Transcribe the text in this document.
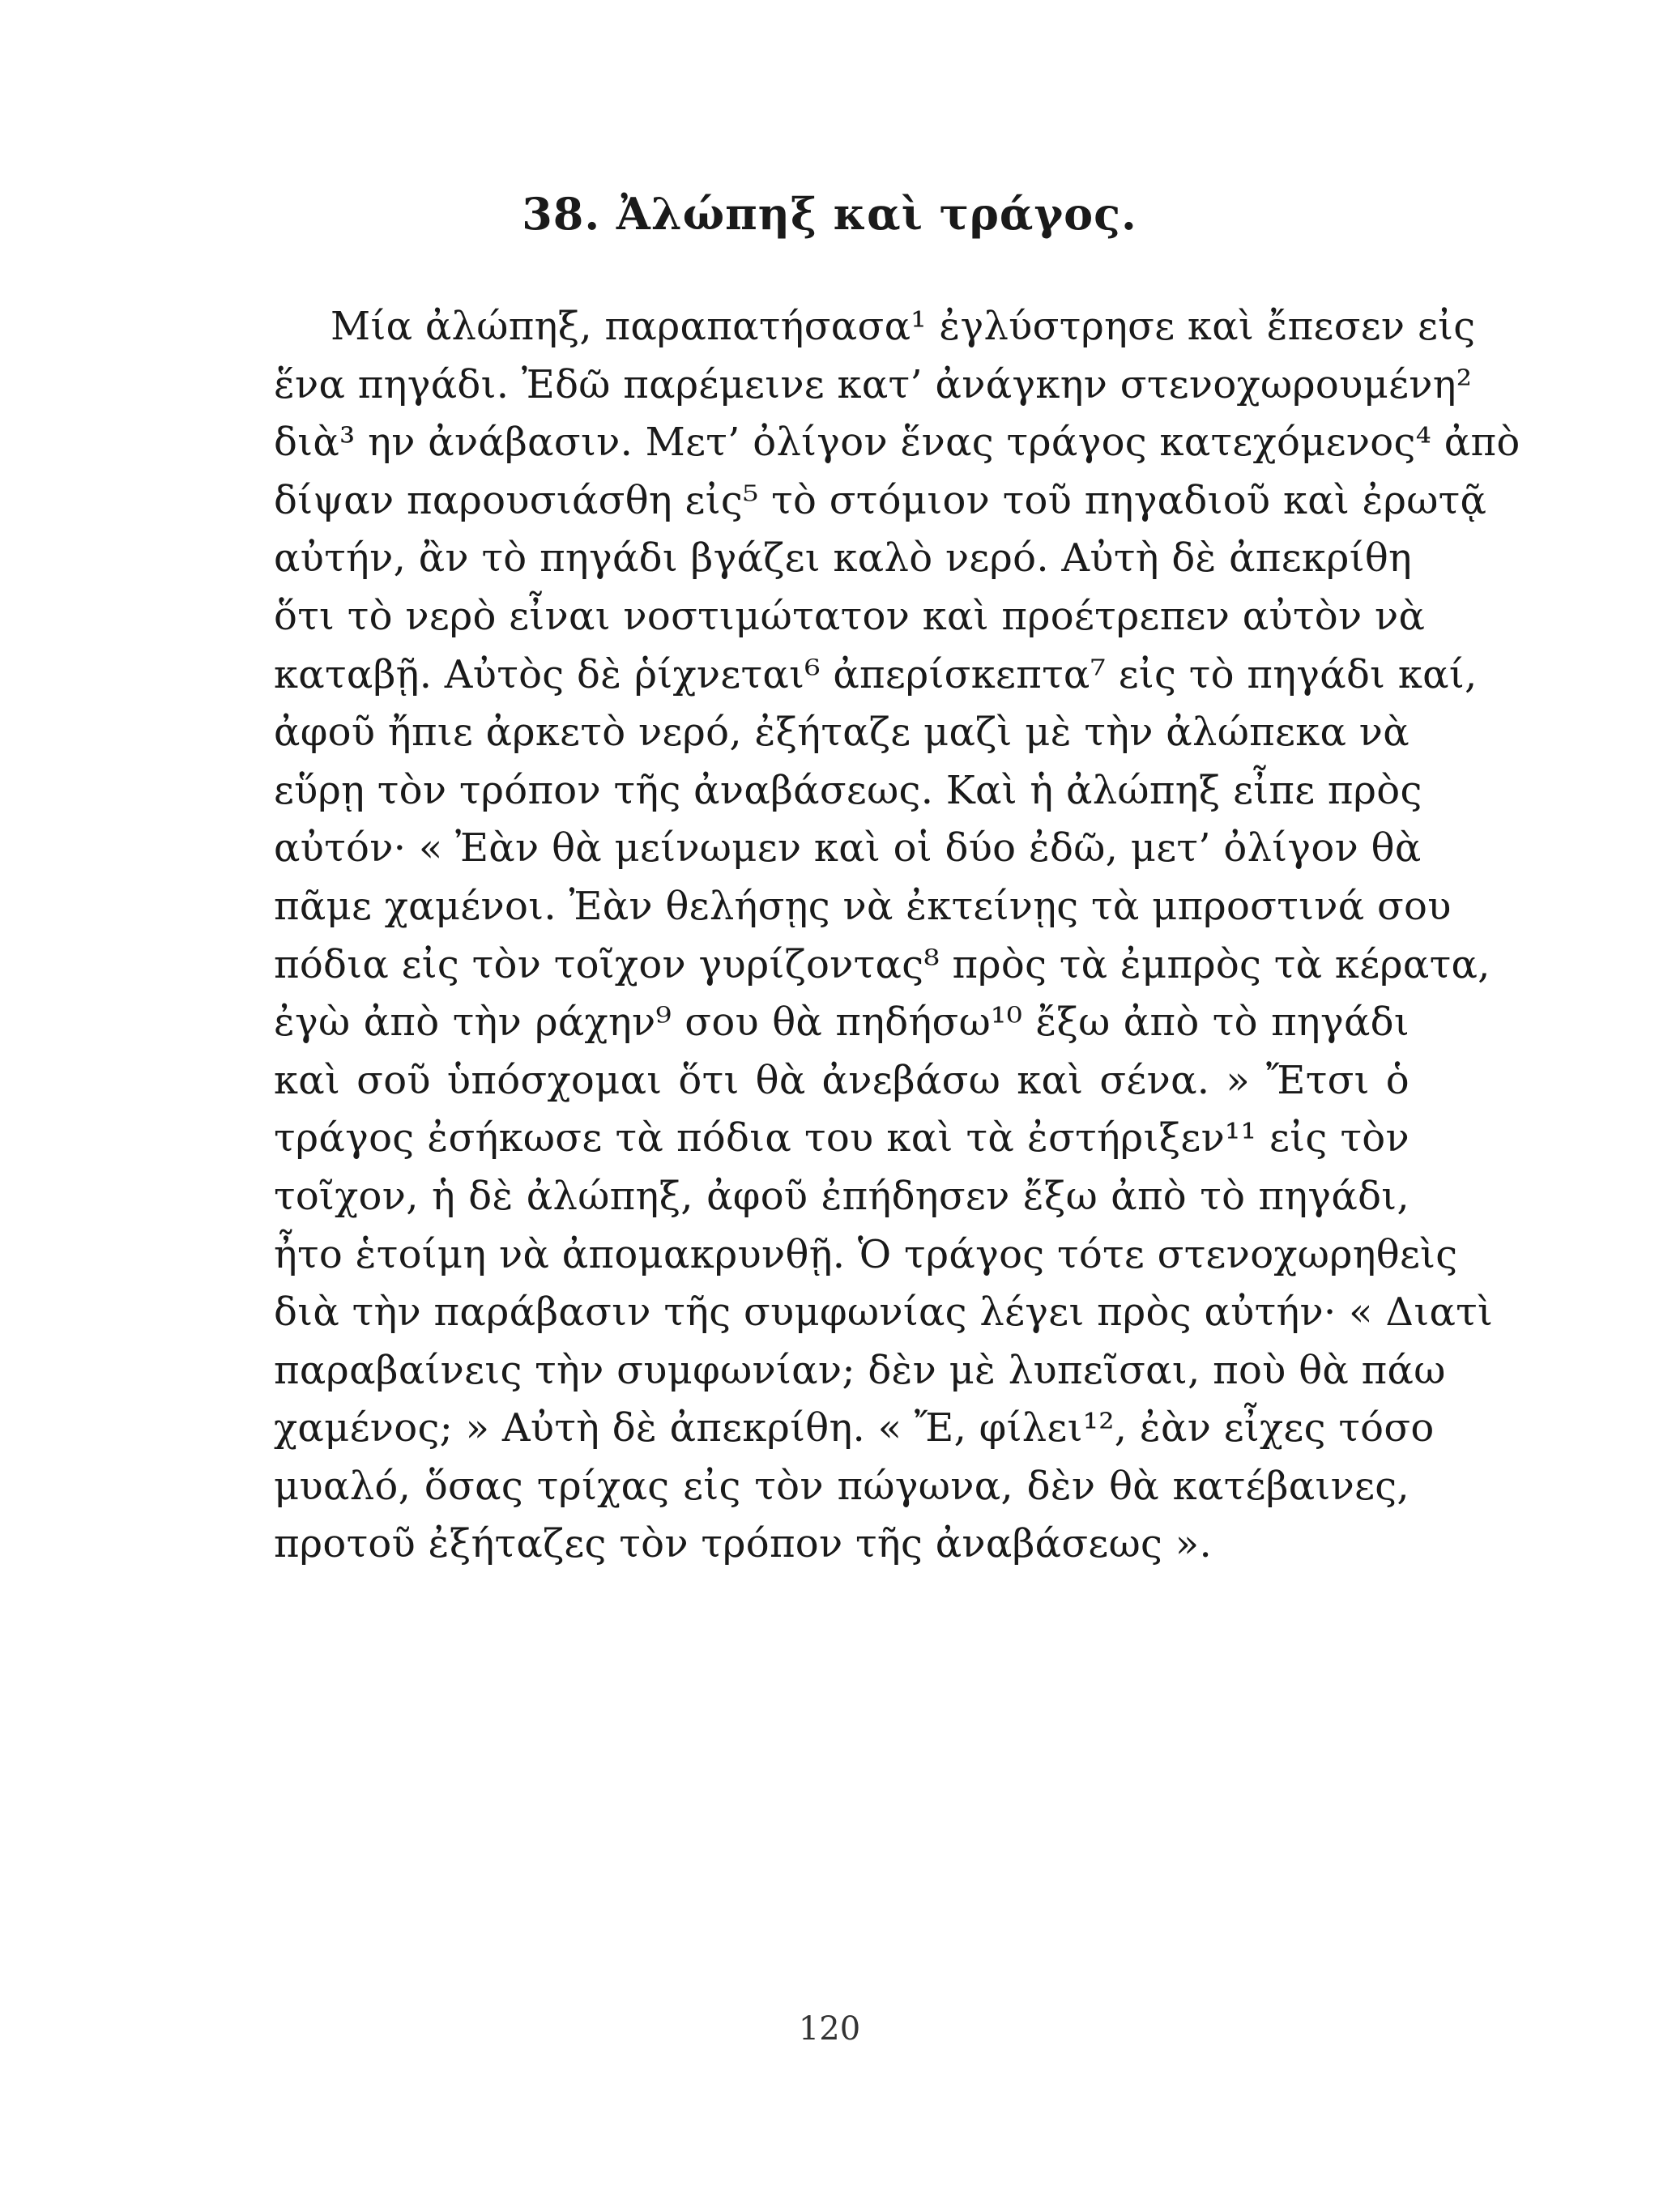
38. Ἀλώπηξ καὶ τράγος.
Μία ἀλώπηξ, παραπατήσασα¹ ἐγλύστρησε καὶ ἔπεσεν εἰς
ἕνα πηγάδι. Ἐδῶ παρέμεινε κατ’ ἀνάγκην στενοχωρουμένη²
διὰ³ ην ἀνάβασιν. Μετ’ ὀλίγον ἕνας τράγος κατεχόμενος⁴ ἀπὸ
δίψαν παρουσιάσθη εἰς⁵ τὸ στόμιον τοῦ πηγαδιοῦ καὶ ἐρωτᾷ
αὐτήν, ἂν τὸ πηγάδι βγάζει καλὸ νερό. Αὐτὴ δὲ ἀπεκρίθη
ὅτι τὸ νερὸ εἶναι νοστιμώτατον καὶ προέτρεπεν αὐτὸν νὰ
καταβῇ. Αὐτὸς δὲ ῥίχνεται⁶ ἀπερίσκεπτα⁷ εἰς τὸ πηγάδι καί,
ἀφοῦ ἤπιε ἀρκετὸ νερό, ἐξήταζε μαζὶ μὲ τὴν ἀλώπεκα νὰ
εὕρῃ τὸν τρόπον τῆς ἀναβάσεως. Καὶ ἡ ἀλώπηξ εἶπε πρὸς
αὐτόν· « Ἐὰν θὰ μείνωμεν καὶ οἱ δύο ἐδῶ, μετ’ ὀλίγον θὰ
πᾶμε χαμένοι. Ἐὰν θελήσῃς νὰ ἐκτείνῃς τὰ μπροστινά σου
πόδια εἰς τὸν τοῖχον γυρίζοντας⁸ πρὸς τὰ ἐμπρὸς τὰ κέρατα,
ἐγὼ ἀπὸ τὴν ράχην⁹ σου θὰ πηδήσω¹⁰ ἔξω ἀπὸ τὸ πηγάδι
καὶ σοῦ ὑπόσχομαι ὅτι θὰ ἀνεβάσω καὶ σένα. » Ἔτσι ὁ
τράγος ἐσήκωσε τὰ πόδια του καὶ τὰ ἐστήριξεν¹¹ εἰς τὸν
τοῖχον, ἡ δὲ ἀλώπηξ, ἀφοῦ ἐπήδησεν ἔξω ἀπὸ τὸ πηγάδι,
ἦτο ἑτοίμη νὰ ἀπομακρυνθῇ. Ὁ τράγος τότε στενοχωρηθεὶς
διὰ τὴν παράβασιν τῆς συμφωνίας λέγει πρὸς αὐτήν· « Διατὶ
παραβαίνεις τὴν συμφωνίαν; δὲν μὲ λυπεῖσαι, ποὺ θὰ πάω
χαμένος; » Αὐτὴ δὲ ἀπεκρίθη. « Ἔ, φίλει¹², ἐὰν εἶχες τόσο
μυαλό, ὅσας τρίχας εἰς τὸν πώγωνα, δὲν θὰ κατέβαινες,
προτοῦ ἐξήταζες τὸν τρόπον τῆς ἀναβάσεως ».
120
